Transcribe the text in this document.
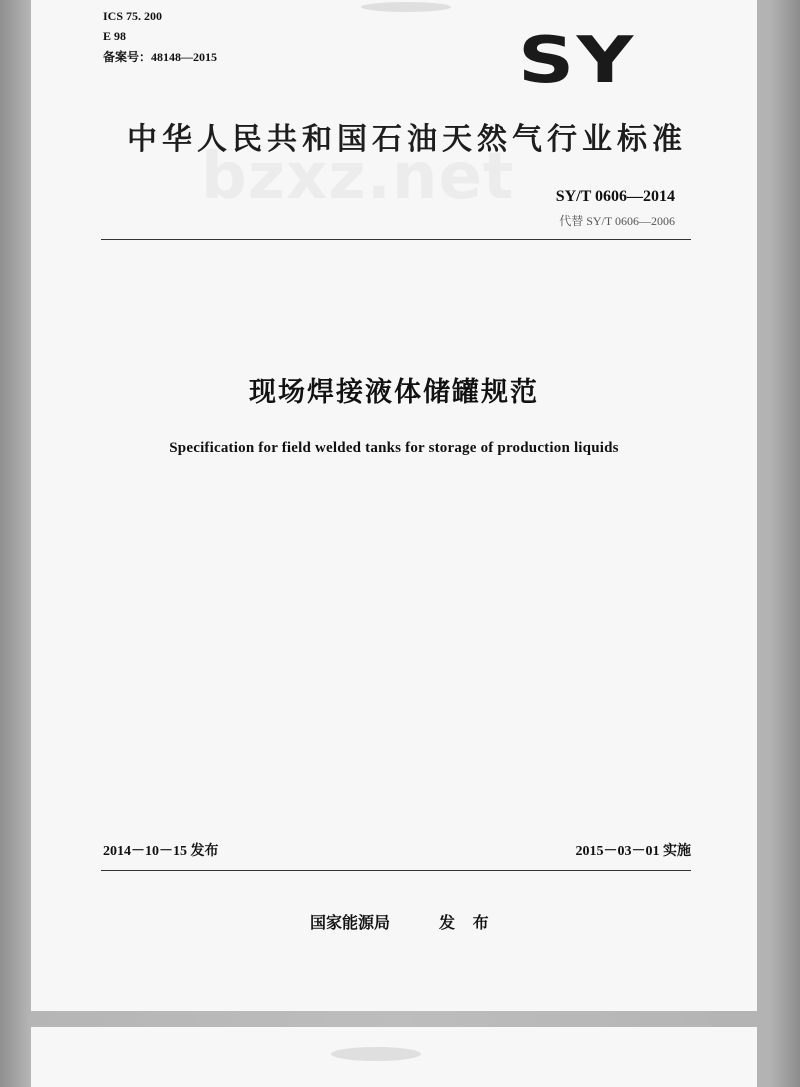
ICS 75. 200
E 98
备案号：48148—2015	SY
中华人民共和国石油天然气行业标准
bzxz.net	SY/T 0606—2014
代替 SY/T 0606—2006
现场焊接液体储罐规范
Specification for field welded tanks for storage of production liquids
2014－10－15 发布	2015－03－01 实施
国家能源局	发 布
